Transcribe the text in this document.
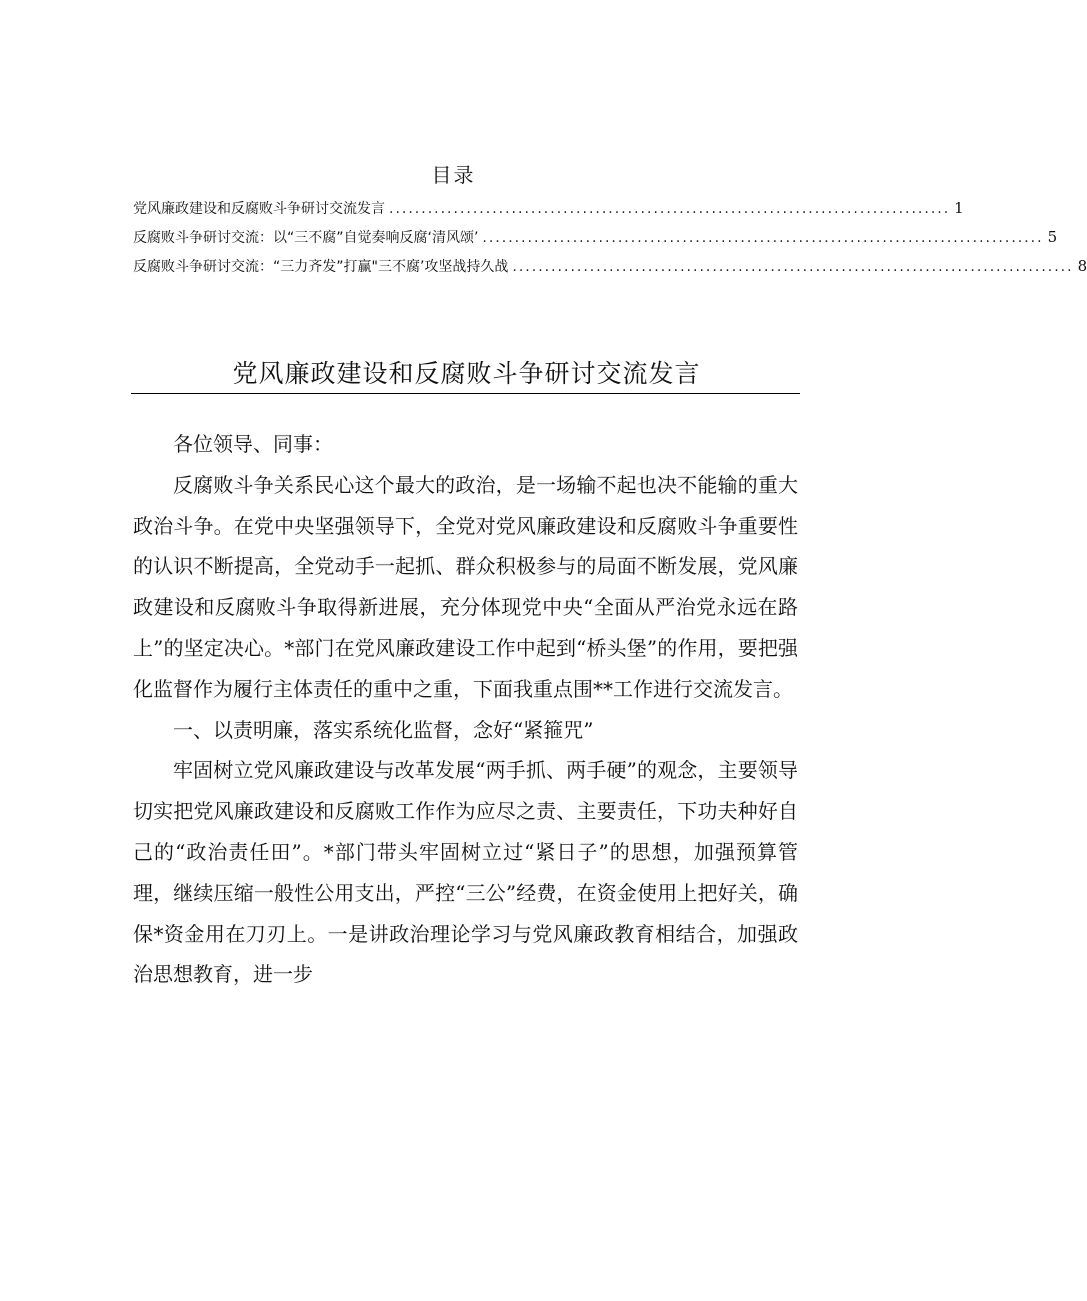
目录
党风廉政建设和反腐败斗争研讨交流发言 ....................................................................................... 1
反腐败斗争研讨交流：以“三不腐”自觉奏响反腐‘清风颂’ ....................................................................................... 5
反腐败斗争研讨交流：“三力齐发”打赢"三不腐’攻坚战持久战 ....................................................................................... 8
党风廉政建设和反腐败斗争研讨交流发言

各位领导、同事：

反腐败斗争关系民心这个最大的政治，是一场输不起也决不能输的重大政治斗争。在党中央坚强领导下，全党对党风廉政建设和反腐败斗争重要性的认识不断提高，全党动手一起抓、群众积极参与的局面不断发展，党风廉政建设和反腐败斗争取得新进展，充分体现党中央“全面从严治党永远在路上”的坚定决心。*部门在党风廉政建设工作中起到“桥头堡”的作用，要把强化监督作为履行主体责任的重中之重，下面我重点围**工作进行交流发言。

一、以责明廉，落实系统化监督，念好“紧箍咒”

牢固树立党风廉政建设与改革发展“两手抓、两手硬”的观念，主要领导切实把党风廉政建设和反腐败工作作为应尽之责、主要责任，下功夫种好自己的“政治责任田”。*部门带头牢固树立过“紧日子”的思想，加强预算管理，继续压缩一般性公用支出，严控“三公”经费，在资金使用上把好关，确保*资金用在刀刃上。一是讲政治理论学习与党风廉政教育相结合，加强政治思想教育，进一步
